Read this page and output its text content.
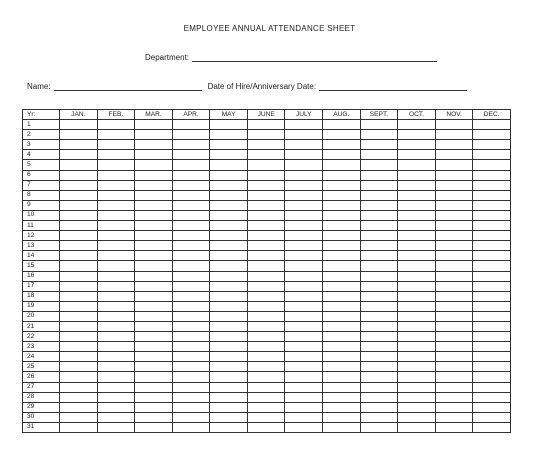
EMPLOYEE ANNUAL ATTENDANCE SHEET
Department:
Name:	Date of Hire/Anniversary Date:
Yr:	JAN.	FEB.	MAR.	APR.	MAY	JUNE	JULY	AUG.	SEPT.	OCT.	NOV.	DEC.
1												
2												
3												
4												
5												
6												
7												
8												
9												
10												
11												
12												
13												
14												
15												
16												
17												
18												
19												
20												
21												
22												
23												
24												
25												
26												
27												
28												
29												
30												
31												
